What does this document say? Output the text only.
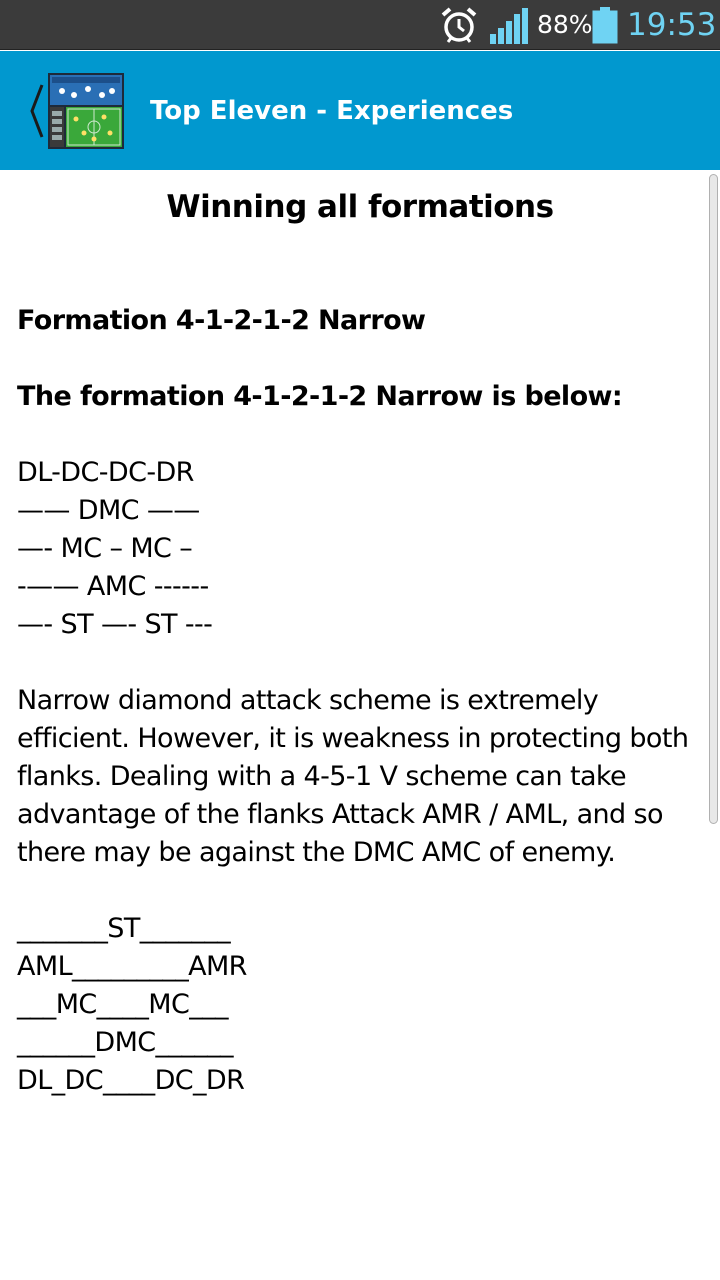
88% 19:53
Top Eleven - Experiences
Winning all formations
Formation 4-1-2-1-2 Narrow
The formation 4-1-2-1-2 Narrow is below:
DL-DC-DC-DR
—— DMC ——
—- MC – MC –
-—— AMC ------
—- ST —- ST ---
Narrow diamond attack scheme is extremely efficient. However, it is weakness in protecting both flanks. Dealing with a 4-5-1 V scheme can take advantage of the flanks Attack AMR / AML, and so there may be against the DMC AMC of enemy.
_______ST_______
AML_________AMR
___MC____MC___
______DMC______
DL_DC____DC_DR
